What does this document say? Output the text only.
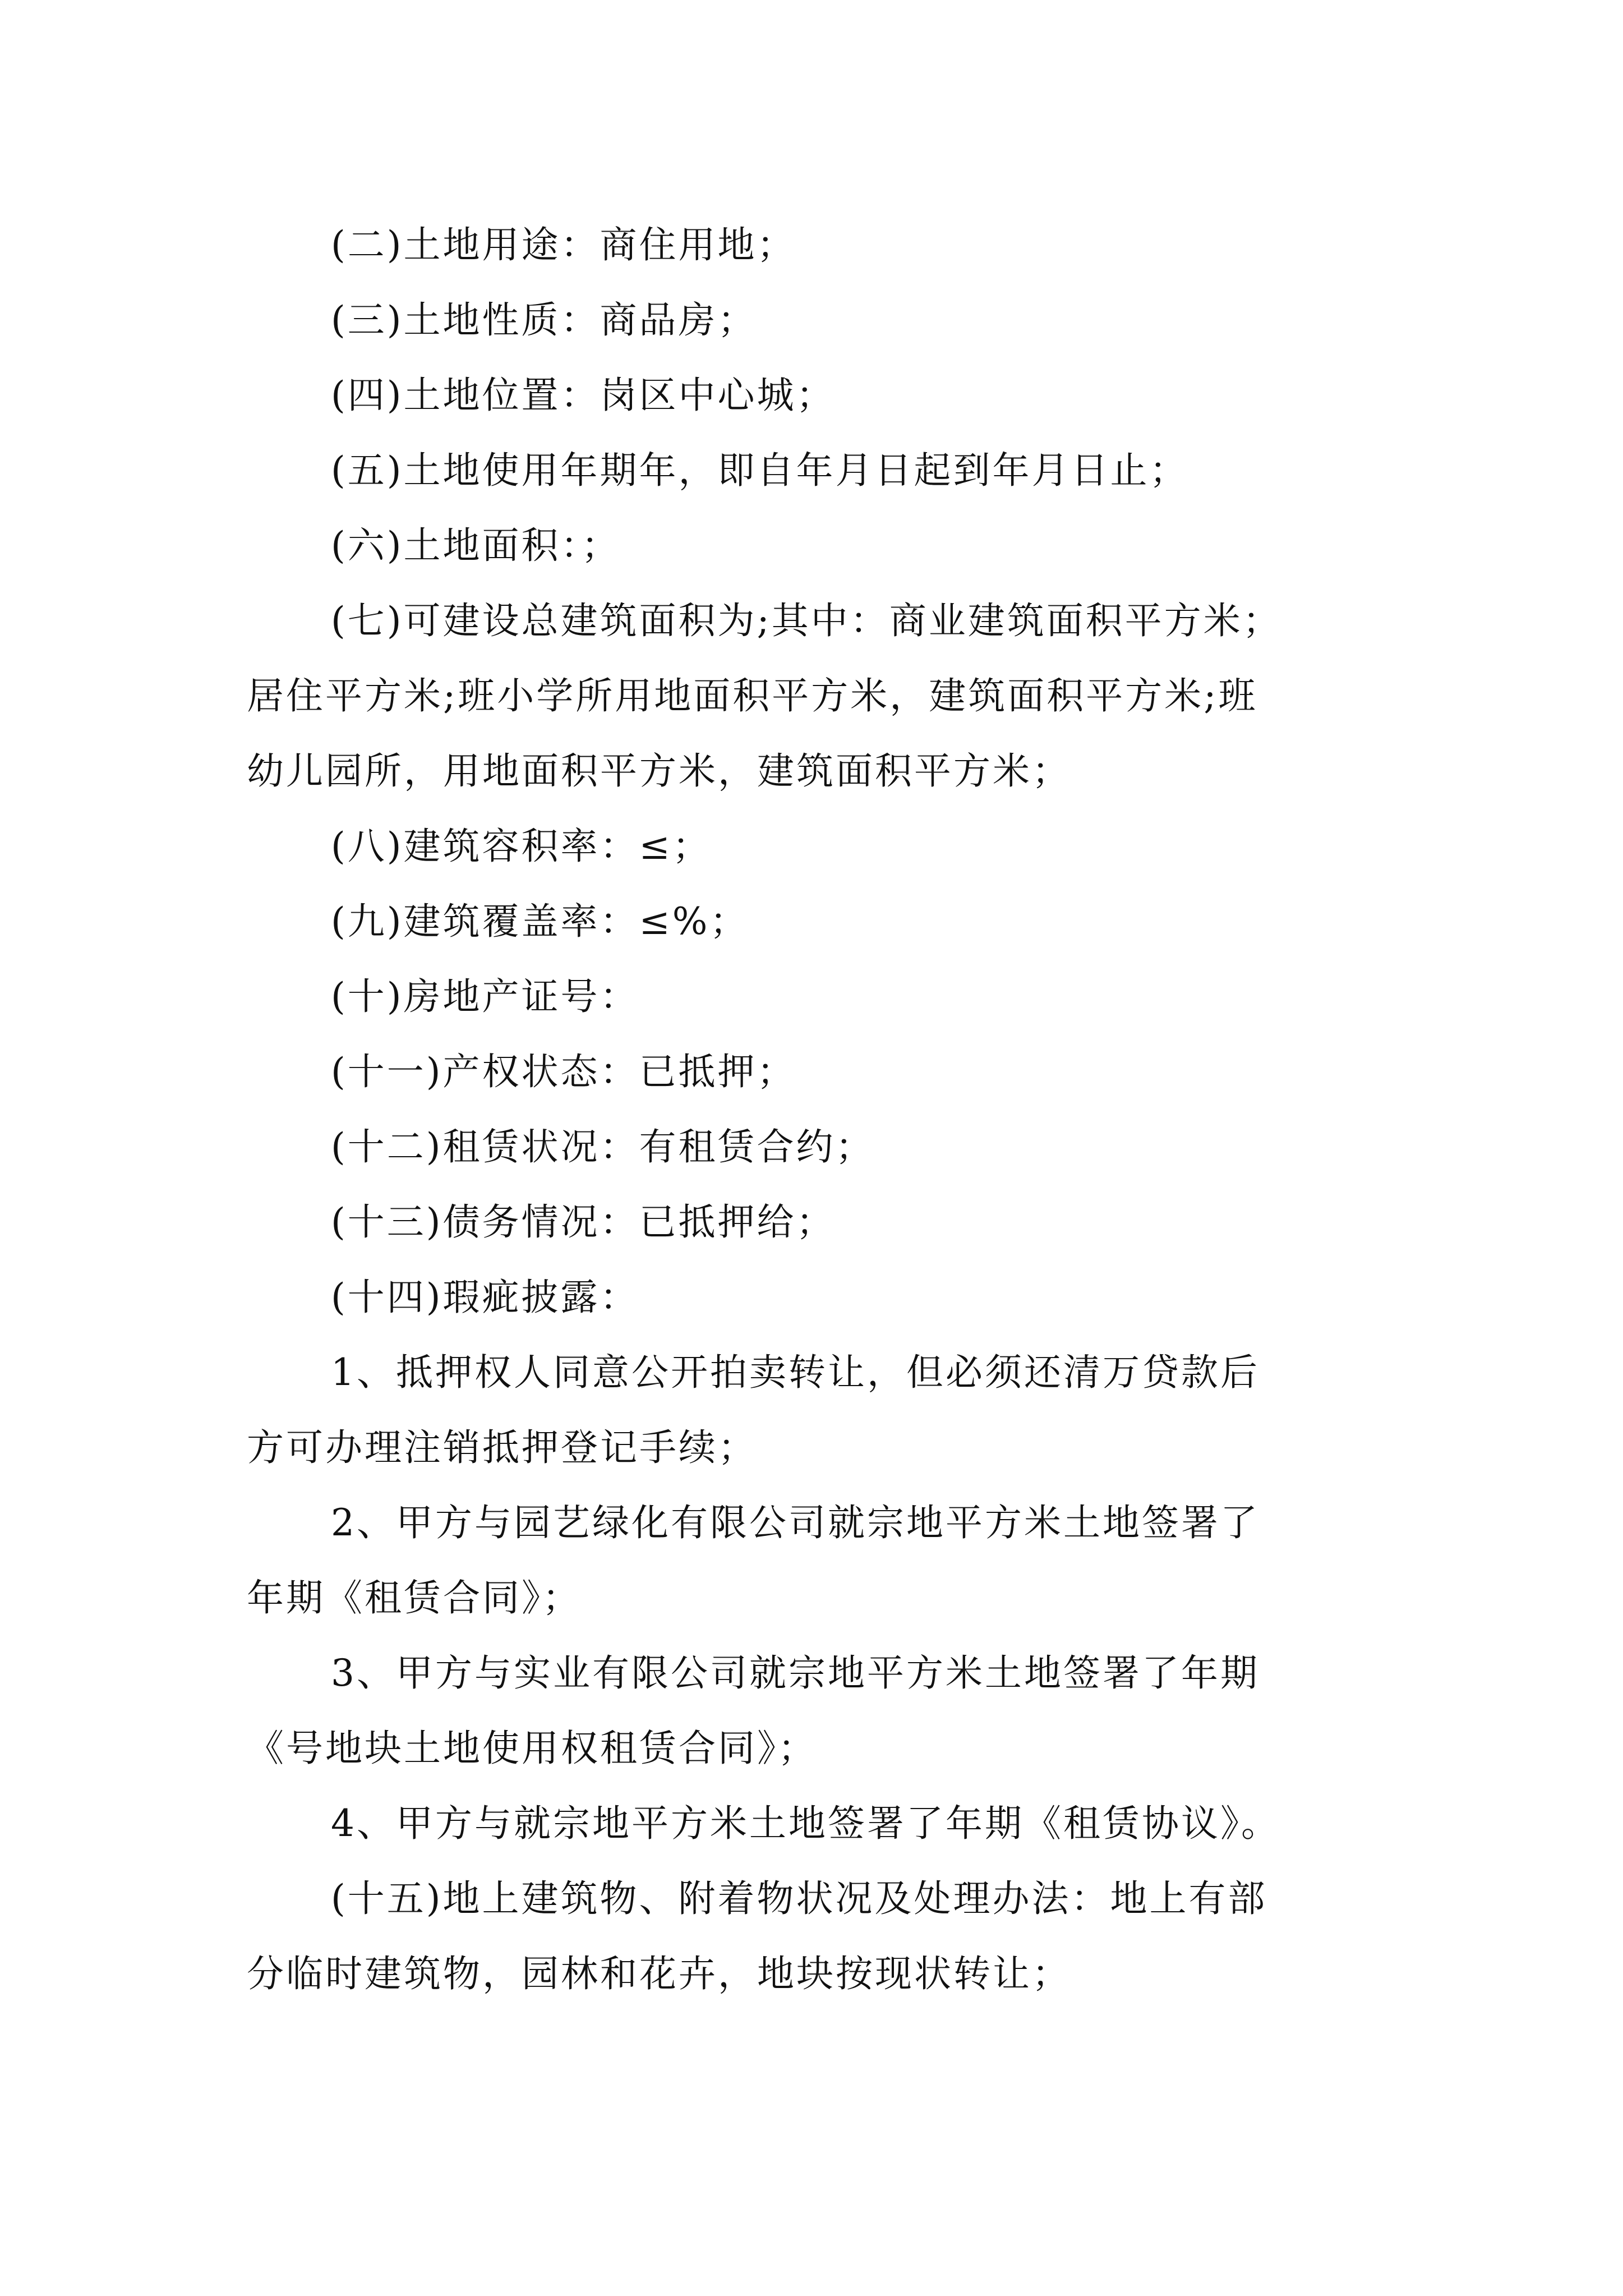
(二)土地用途：商住用地；

(三)土地性质：商品房；

(四)土地位置：岗区中心城；

(五)土地使用年期年，即自年月日起到年月日止；

(六)土地面积：；

(七)可建设总建筑面积为;其中：商业建筑面积平方米；

居住平方米;班小学所用地面积平方米，建筑面积平方米;班

幼儿园所，用地面积平方米，建筑面积平方米；

(八)建筑容积率：≤；

(九)建筑覆盖率：≤%；

(十)房地产证号：

(十一)产权状态：已抵押；

(十二)租赁状况：有租赁合约；

(十三)债务情况：已抵押给；

(十四)瑕疵披露：

1、抵押权人同意公开拍卖转让，但必须还清万贷款后

方可办理注销抵押登记手续；

2、甲方与园艺绿化有限公司就宗地平方米土地签署了

年期《租赁合同》；

3、甲方与实业有限公司就宗地平方米土地签署了年期

《号地块土地使用权租赁合同》；

4、甲方与就宗地平方米土地签署了年期《租赁协议》。

(十五)地上建筑物、附着物状况及处理办法：地上有部

分临时建筑物，园林和花卉，地块按现状转让；
